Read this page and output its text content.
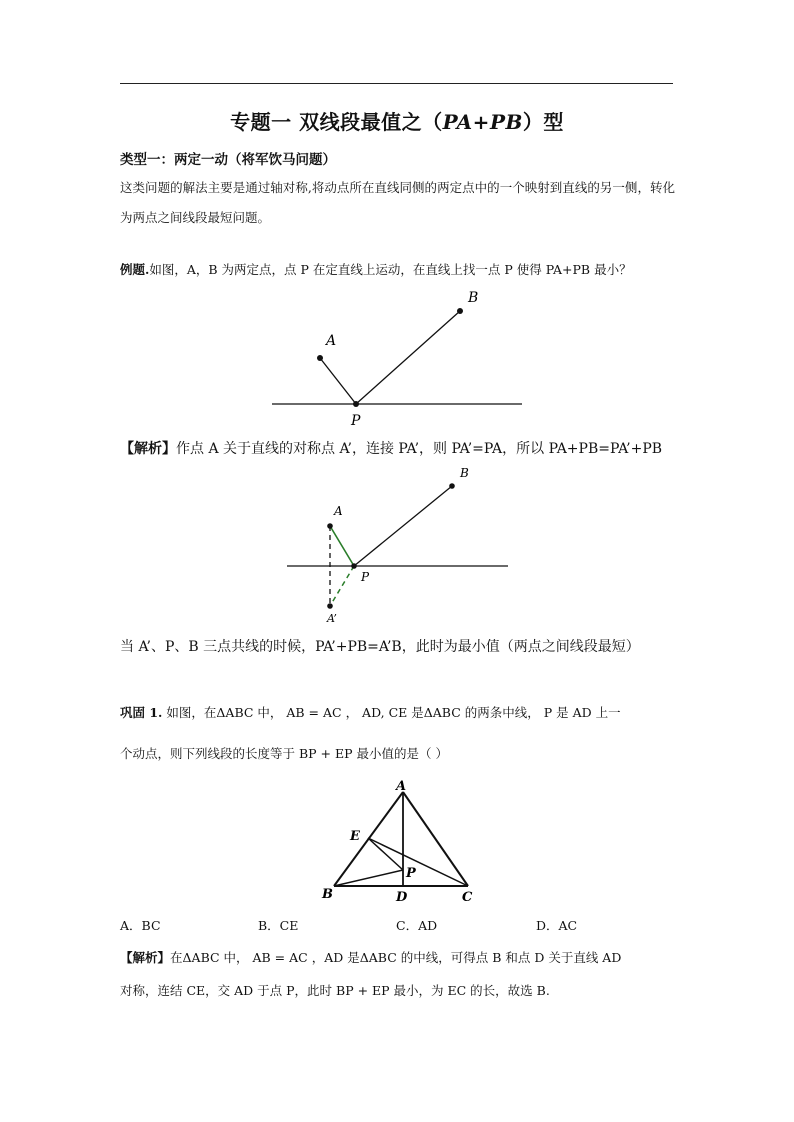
专题一 双线段最值之（PA+PB）型
类型一：两定一动（将军饮马问题）
这类问题的解法主要是通过轴对称,将动点所在直线同侧的两定点中的一个映射到直线的另一侧，转化为两点之间线段最短问题。
例题.如图，A，B 为两定点，点 P 在定直线上运动，在直线上找一点 P 使得 PA+PB 最小？
A
B
P
A
B
P
A’
A
E
P
B	D	C
【解析】作点 A 关于直线的对称点 A’，连接 PA’，则 PA’=PA，所以 PA+PB=PA’+PB
当 A’、P、B 三点共线的时候，PA’+PB=A’B，此时为最小值（两点之间线段最短）
巩固 1. 如图，在ΔABC 中， AB = AC ， AD, CE 是ΔABC 的两条中线， P 是 AD 上一
个动点，则下列线段的长度等于 BP + EP 最小值的是（ ）
A．BC	B．CE	C．AD	D．AC
【解析】在ΔABC 中， AB = AC ，AD 是ΔABC 的中线，可得点 B 和点 D 关于直线 AD
对称，连结 CE，交 AD 于点 P，此时 BP + EP 最小，为 EC 的长，故选 B.
